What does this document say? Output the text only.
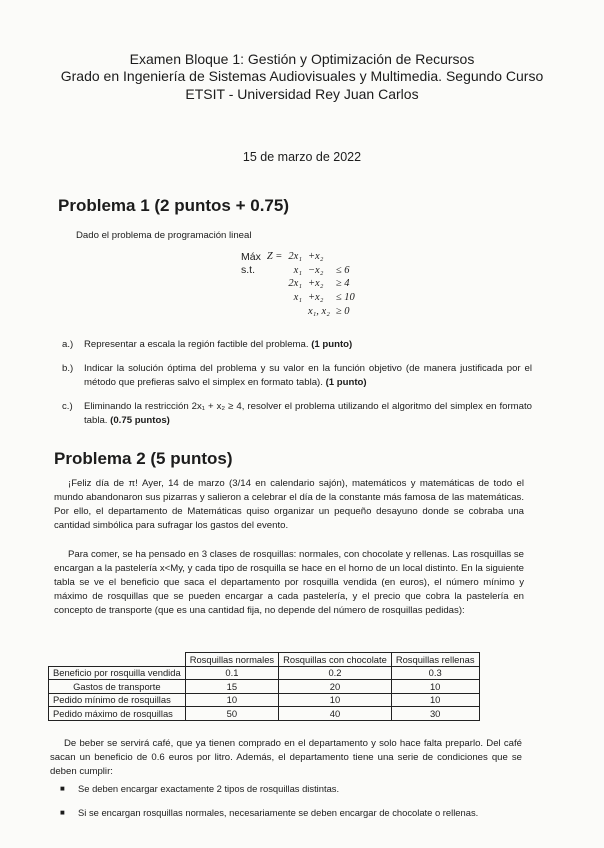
Examen Bloque 1: Gestión y Optimización de Recursos
Grado en Ingeniería de Sistemas Audiovisuales y Multimedia. Segundo Curso
ETSIT - Universidad Rey Juan Carlos
15 de marzo de 2022
Problema 1 (2 puntos + 0.75)
Dado el problema de programación lineal
Máx	Z =	2x₁	+x₂	
s.t.		x₁	−x₂	≤ 6
		2x₁	+x₂	≥ 4
		x₁	+x₂	≤ 10
			x₁, x₂	≥ 0
a.)	Representar a escala la región factible del problema. (1 punto)
b.)	Indicar la solución óptima del problema y su valor en la función objetivo (de manera justificada por el método que prefieras salvo el simplex en formato tabla). (1 punto)
c.)	Eliminando la restricción 2x₁ + x₂ ≥ 4, resolver el problema utilizando el algoritmo del simplex en formato tabla. (0.75 puntos)
Problema 2 (5 puntos)
¡Feliz día de π! Ayer, 14 de marzo (3/14 en calendario sajón), matemáticos y matemáticas de todo el mundo abandonaron sus pizarras y salieron a celebrar el día de la constante más famosa de las matemáticas. Por ello, el departamento de Matemáticas quiso organizar un pequeño desayuno donde se cobraba una cantidad simbólica para sufragar los gastos del evento.
Para comer, se ha pensado en 3 clases de rosquillas: normales, con chocolate y rellenas. Las rosquillas se encargan a la pastelería x<My, y cada tipo de rosquilla se hace en el horno de un local distinto. En la siguiente tabla se ve el beneficio que saca el departamento por rosquilla vendida (en euros), el número mínimo y máximo de rosquillas que se pueden encargar a cada pastelería, y el precio que cobra la pastelería en concepto de transporte (que es una cantidad fija, no depende del número de rosquillas pedidas):
	Rosquillas normales	Rosquillas con chocolate	Rosquillas rellenas
Beneficio por rosquilla vendida	0.1	0.2	0.3
Gastos de transporte	15	20	10
Pedido mínimo de rosquillas	10	10	10
Pedido máximo de rosquillas	50	40	30
De beber se servirá café, que ya tienen comprado en el departamento y solo hace falta preparlo. Del café sacan un beneficio de 0.6 euros por litro. Además, el departamento tiene una serie de condiciones que se deben cumplir:
■	Se deben encargar exactamente 2 tipos de rosquillas distintas.
■	Si se encargan rosquillas normales, necesariamente se deben encargar de chocolate o rellenas.
